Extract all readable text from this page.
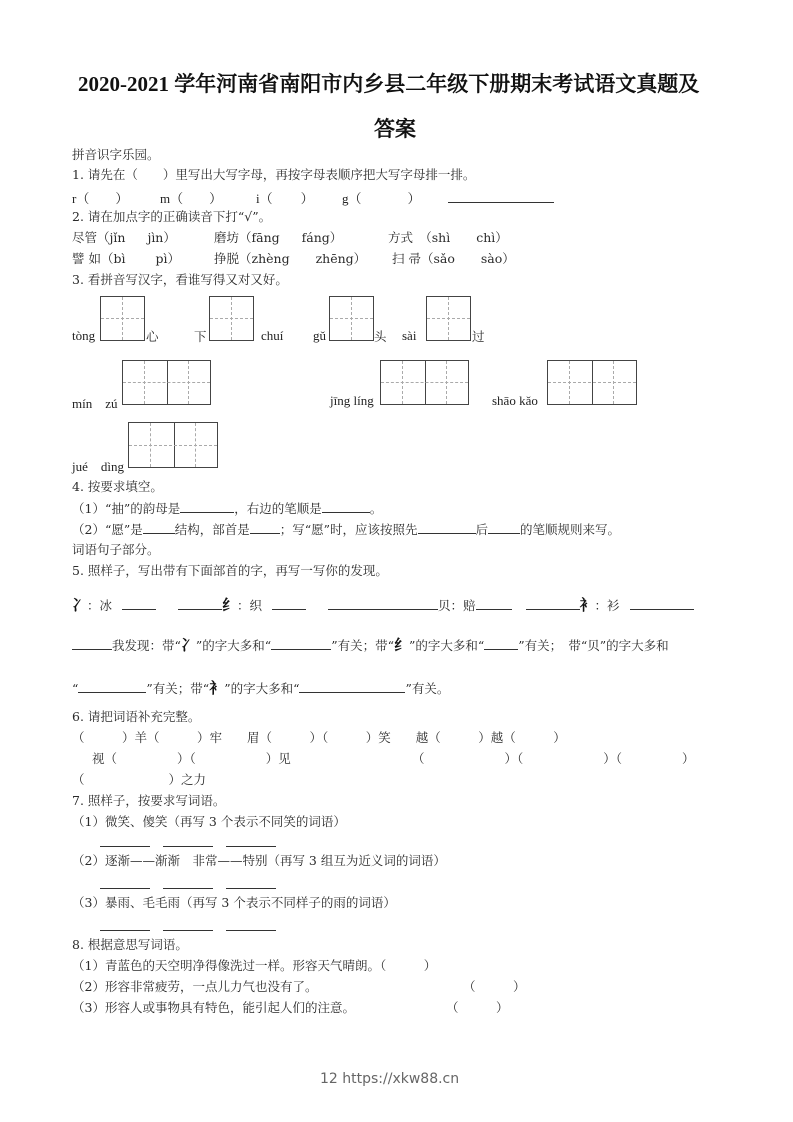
2020-2021 学年河南省南阳市内乡县二年级下册期末考试语文真题及
答案
拼音识字乐园。
1. 请先在（　　）里写出大写字母，再按字母表顺序把大写字母排一排。
r（ ） m（ ）	i（ ） g（	）
2. 请在加点字的正确读音下打“√”。
尽管（jǐn jìn）	磨坊（fāng fáng）	方式　（shì chì）
譬 如（bì pì）	挣脱（zhèng zhēng） 扫 帚（sǎo sào）
3. 看拼音写汉字，看谁写得又对又好。
tòng	心	下	chuí gǔ	头 sài	过
mín　zú	jīng líng	shāo kǎo
jué　dìng
4. 按要求填空。
（1）“抽”的韵母是	，右边的笔顺是	。
（2）“愿”是	结构，部首是 ；写“愿”时，应该按照先	后	的笔顺规则来写。
词语句子部分。
5. 照样子，写出带有下面部首的字，再写一写你的发现。
冫：冰	纟：织	贝：赔	衤：衫
我发现：带“冫”的字大多和“	”有关；带“纟”的字大多和“	”有关；　带“贝”的字大多和
“	”有关；带“衤”的字大多和“	”有关。
6. 请把词语补充完整。
（　　　）羊（　　　）牢　　眉（　　　）（　　　）笑　　越（　　　）越（　　　）
视（	）（	）见	（	）（	）（	）
（	）之力
7. 照样子，按要求写词语。
（1）微笑、傻笑（再写 3 个表示不同笑的词语）
（2）逐渐——渐渐　非常——特别（再写 3 组互为近义词的词语）
（3）暴雨、毛毛雨（再写 3 个表示不同样子的雨的词语）
8. 根据意思写词语。
（1）青蓝色的天空明净得像洗过一样。形容天气晴朗。（　　　）
（2）形容非常疲劳，一点儿力气也没有了。	（　　　）
（3）形容人或事物具有特色，能引起人们的注意。	（　　　）
12 https://xkw88.cn
